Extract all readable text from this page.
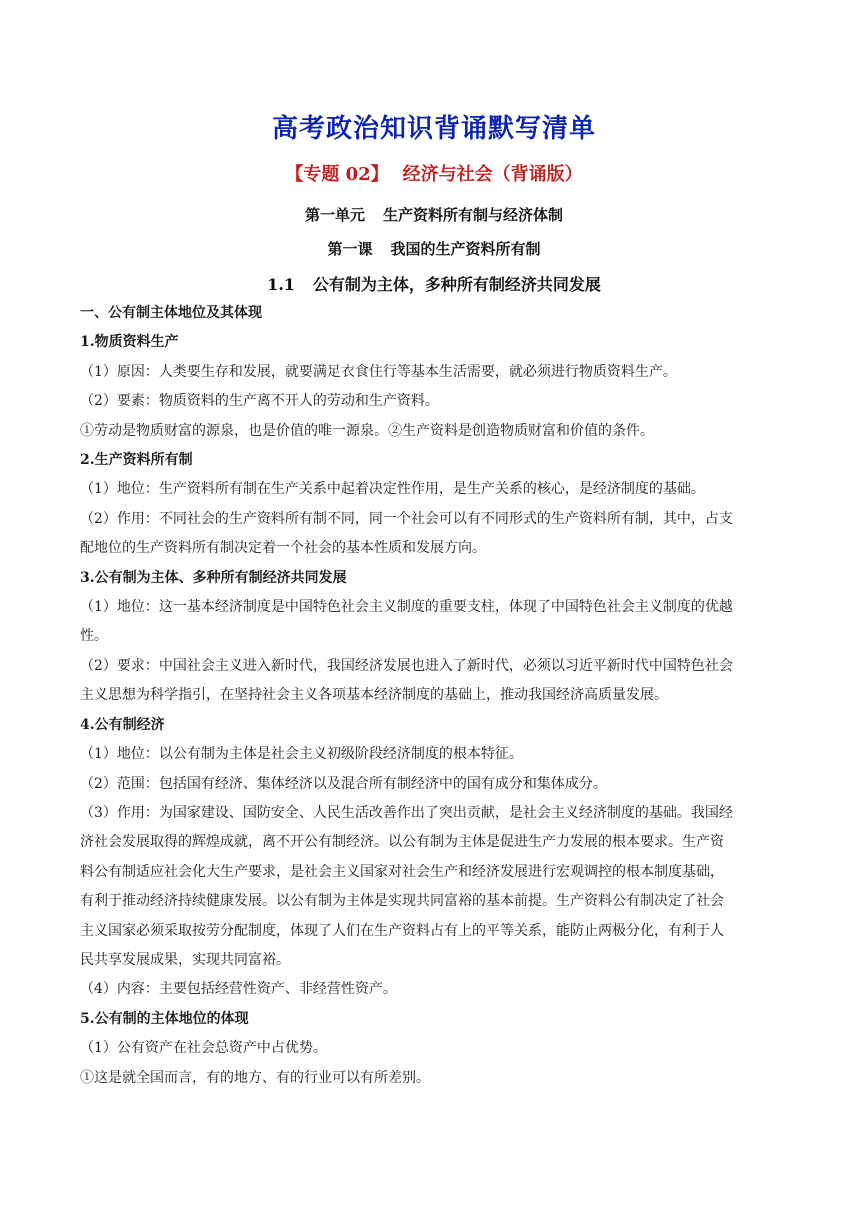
高考政治知识背诵默写清单
【专题 02】 经济与社会（背诵版）
第一单元 生产资料所有制与经济体制
第一课 我国的生产资料所有制
1.1 公有制为主体，多种所有制经济共同发展
一、公有制主体地位及其体现
1.物质资料生产
（1）原因：人类要生存和发展，就要满足衣食住行等基本生活需要，就必须进行物质资料生产。
（2）要素：物质资料的生产离不开人的劳动和生产资料。
①劳动是物质财富的源泉，也是价值的唯一源泉。②生产资料是创造物质财富和价值的条件。
2.生产资料所有制
（1）地位：生产资料所有制在生产关系中起着决定性作用，是生产关系的核心，是经济制度的基础。
（2）作用：不同社会的生产资料所有制不同，同一个社会可以有不同形式的生产资料所有制，其中，占支
配地位的生产资料所有制决定着一个社会的基本性质和发展方向。
3.公有制为主体、多种所有制经济共同发展
（1）地位：这一基本经济制度是中国特色社会主义制度的重要支柱，体现了中国特色社会主义制度的优越
性。
（2）要求：中国社会主义进入新时代，我国经济发展也进入了新时代，必须以习近平新时代中国特色社会
主义思想为科学指引，在坚持社会主义各项基本经济制度的基础上，推动我国经济高质量发展。
4.公有制经济
（1）地位：以公有制为主体是社会主义初级阶段经济制度的根本特征。
（2）范围：包括国有经济、集体经济以及混合所有制经济中的国有成分和集体成分。
（3）作用：为国家建设、国防安全、人民生活改善作出了突出贡献，是社会主义经济制度的基础。我国经
济社会发展取得的辉煌成就，离不开公有制经济。以公有制为主体是促进生产力发展的根本要求。生产资
料公有制适应社会化大生产要求，是社会主义国家对社会生产和经济发展进行宏观调控的根本制度基础，
有利于推动经济持续健康发展。以公有制为主体是实现共同富裕的基本前提。生产资料公有制决定了社会
主义国家必须采取按劳分配制度，体现了人们在生产资料占有上的平等关系，能防止两极分化，有利于人
民共享发展成果，实现共同富裕。
（4）内容：主要包括经营性资产、非经营性资产。
5.公有制的主体地位的体现
（1）公有资产在社会总资产中占优势。
①这是就全国而言，有的地方、有的行业可以有所差别。
